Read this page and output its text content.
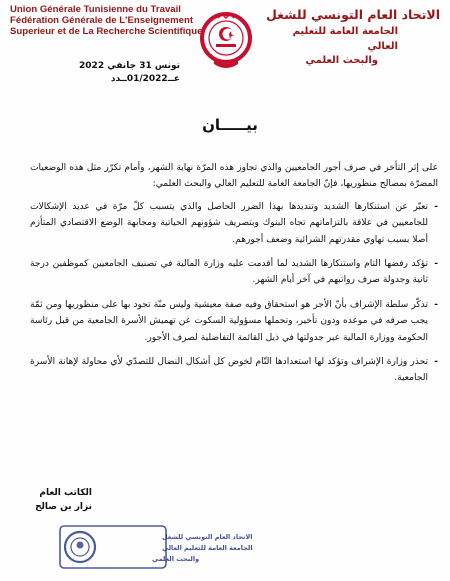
Union Générale Tunisienne du Travail
Fédération Générale de L'Enseignement
Superieur et de La Recherche Scientifique
الاتحاد العام التونسي للشغل
الجامعة العامة للتعليم العالي
والبحث العلمي
تونس 31 جانفي 2022
عــ01/2022ــدد
بيـــــان

على إثر التأخر في صرف أجور الجامعيين والذي تجاوز هذه المرّة نهاية الشهر، وأمام تكرّر مثل هذه الوضعيات المضرّة بمصالح منظوريها، فإنّ الجامعة العامة للتعليم العالي والبحث العلمي:

- تعبّر عن استنكارها الشديد وتنديدها بهذا الضرر الحاصل والذي يتسبب كلّ مرّة في عديد الإشكالات للجامعيين في علاقة بالتزاماتهم تجاه البنوك وبتصريف شؤونهم الحياتية ومجابهة الوضع الاقتصادي المتأزم أصلا بسبب تهاوي مقدرتهم الشرائية وضعف أجورهم.

- تؤكد رفضها التام واستنكارها الشديد لما أقدمت عليه وزارة المالية في تصنيف الجامعيين كموظفين درجة ثانية وجدولة صرف رواتبهم في آخر أيام الشهر.

- تذكّر سلطة الإشراف بأنّ الأجر هو استحقاق وفيه صفة معيشية وليس منّة تجود بها على منظوريها ومن ثمّة يجب صرفه في موعده ودون تأخير، وتحملها مسؤولية السكوت عن تهميش الأسرة الجامعية من قبل رئاسة الحكومة ووزارة المالية عبر جدولتها في ذيل القائمة التفاضلية لصرف الأجور.

- تحذر وزارة الإشراف وتؤكد لها استعدادها التّام لخوض كل أشكال النضال للتصدّي لأي محاولة لإهانة الأسرة الجامعية.

الكاتب العام
نزار بن صالح
الاتحاد العام التونسي للشغل
الجامعة العامة للتعليم العالي
والبحث العلمي
